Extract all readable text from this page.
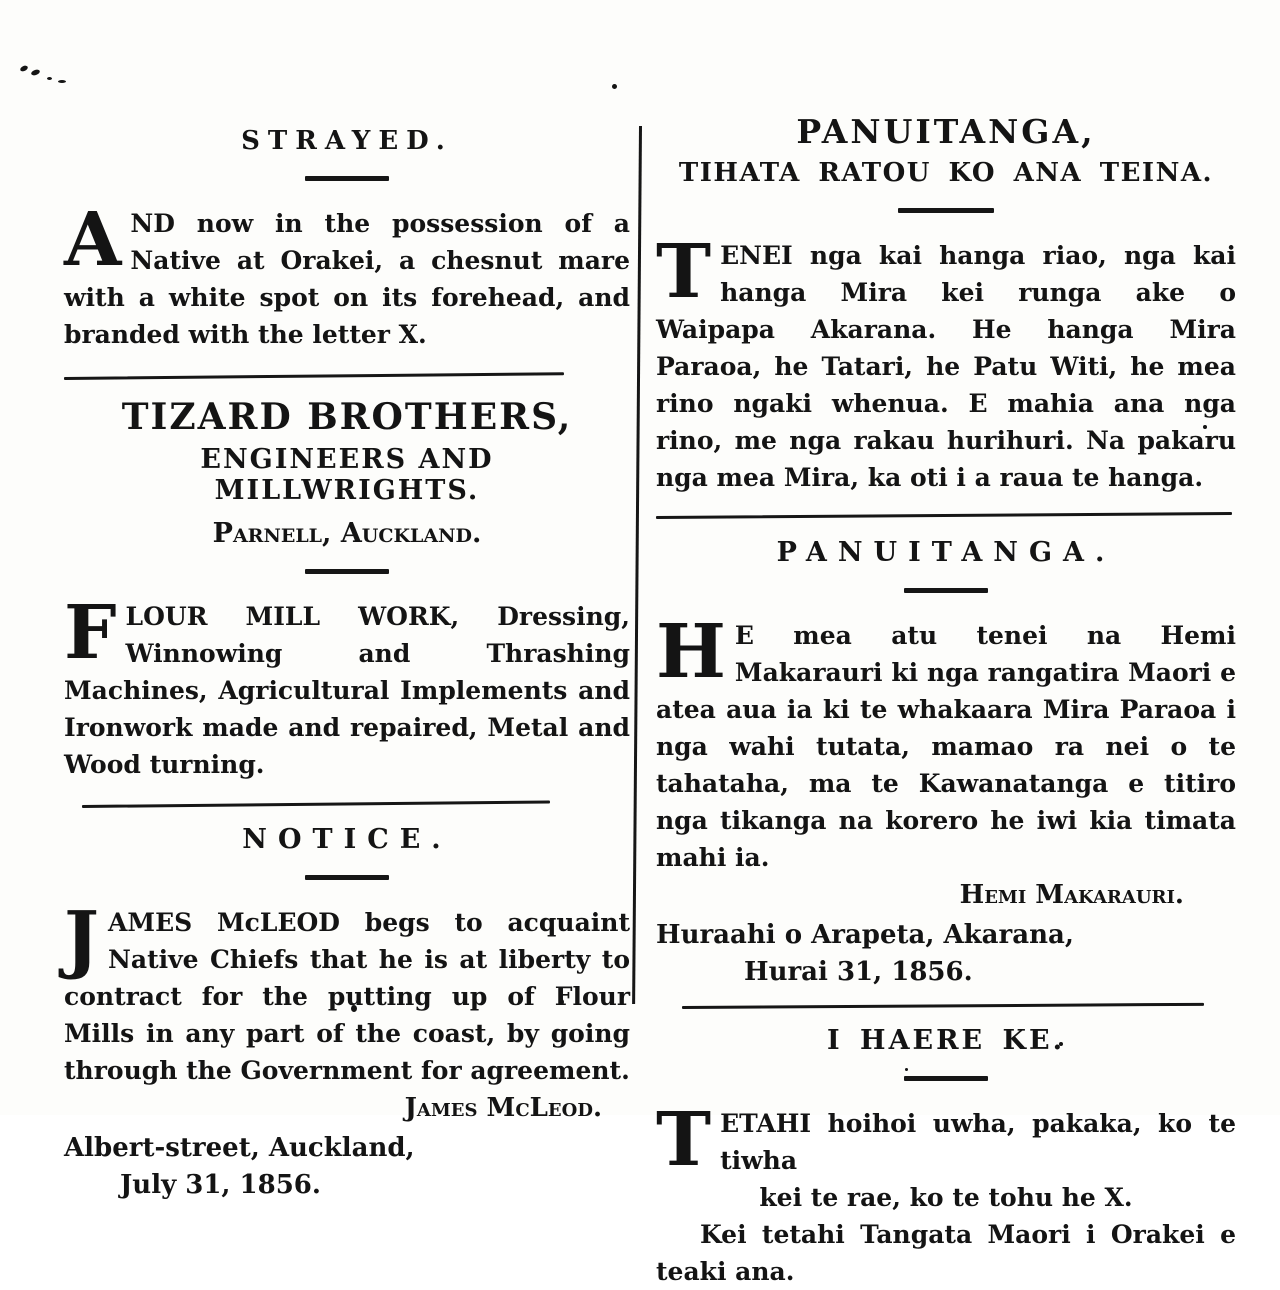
STRAYED.

AND now in the possession of a Native at Orakei, a chesnut mare with a white spot on its forehead, and branded with the letter X.

TIZARD BROTHERS,
ENGINEERS AND MILLWRIGHTS.
Parnell, Auckland.

FLOUR MILL WORK, Dressing, Winnowing and Thrashing Machines, Agricultural Implements and Ironwork made and repaired, Metal and Wood turning.

NOTICE.

JAMES McLEOD begs to acquaint Native Chiefs that he is at liberty to contract for the putting up of Flour Mills in any part of the coast, by going through the Government for agreement.

James McLeod.
Albert-street, Auckland,
July 31, 1856.
PANUITANGA,
TIHATA RATOU KO ANA TEINA.

TENEI nga kai hanga riao, nga kai hanga Mira kei runga ake o Waipapa Akarana. He hanga Mira Paraoa, he Tatari, he Patu Witi, he mea rino ngaki whenua. E mahia ana nga rino, me nga rakau hurihuri. Na pakaru nga mea Mira, ka oti i a raua te hanga.

PANUITANGA.

H E mea atu tenei na Hemi Makarauri ki nga rangatira Maori e atea aua ia ki te whakaara Mira Paraoa i nga wahi tutata, mamao ra nei o te tahataha, ma te Kawanatanga e titiro nga tikanga na korero he iwi kia timata mahi ia.

Hemi Makarauri.
Huraahi o Arapeta, Akarana,
Hurai 31, 1856.
I HAERE KE.

TETAHI hoihoi uwha, pakaka, ko te tiwha
kei te rae, ko te tohu he X.

Kei tetahi Tangata Maori i Orakei e teaki ana.
